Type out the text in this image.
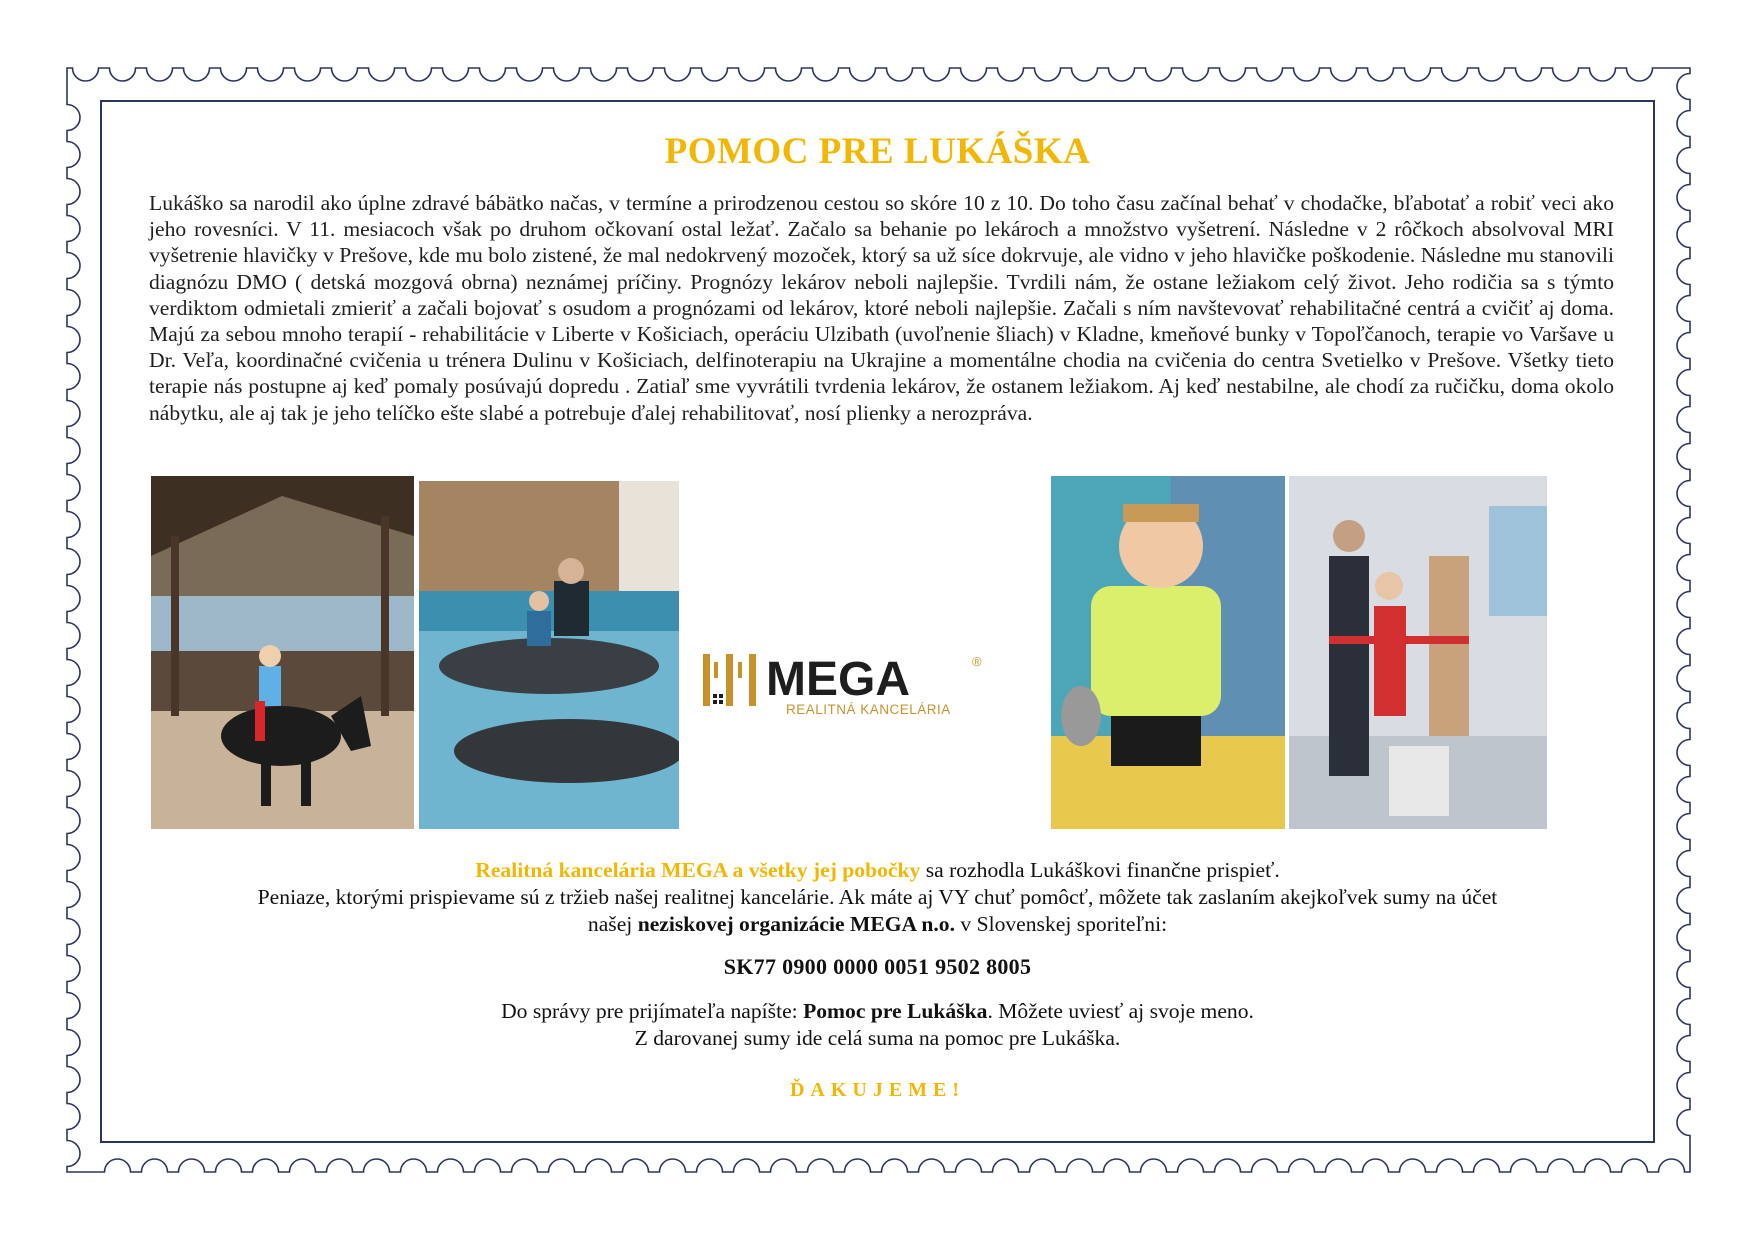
POMOC PRE LUKÁŠKA
Lukáško sa narodil ako úplne zdravé bábätko načas, v termíne a prirodzenou cestou so skóre 10 z 10. Do toho času začínal behať v chodačke, bľabotať a robiť veci ako jeho rovesníci. V 11. mesiacoch však po druhom očkovaní ostal ležať. Začalo sa behanie po lekároch a množstvo vyšetrení. Následne v 2 rôčkoch absolvoval MRI vyšetrenie hlavičky v Prešove, kde mu bolo zistené, že mal nedokrvený mozoček, ktorý sa už síce dokrvuje, ale vidno v jeho hlavičke poškodenie. Následne mu stanovili diagnózu DMO ( detská mozgová obrna) neznámej príčiny. Prognózy lekárov neboli najlepšie. Tvrdili nám, že ostane ležiakom celý život. Jeho rodičia sa s týmto verdiktom odmietali zmieriť a začali bojovať s osudom a prognózami od lekárov, ktoré neboli najlepšie. Začali s ním navštevovať rehabilitačné centrá a cvičiť aj doma. Majú za sebou mnoho terapií - rehabilitácie v Liberte v Košiciach, operáciu Ulzibath (uvoľnenie šliach) v Kladne, kmeňové bunky v Topoľčanoch, terapie vo Varšave u Dr. Veľa, koordinačné cvičenia u trénera Dulinu v Košiciach, delfinoterapiu na Ukrajine a momentálne chodia na cvičenia do centra Svetielko v Prešove. Všetky tieto terapie nás postupne aj keď pomaly posúvajú dopredu . Zatiaľ sme vyvrátili tvrdenia lekárov, že ostanem ležiakom. Aj keď nestabilne, ale chodí za ručičku, doma okolo nábytku, ale aj tak je jeho telíčko ešte slabé a potrebuje ďalej rehabilitovať, nosí plienky a nerozpráva.
MEGA	®
REALITNÁ KANCELÁRIA
Realitná kancelária MEGA a všetky jej pobočky sa rozhodla Lukáškovi finančne prispieť.
Peniaze, ktorými prispievame sú z tržieb našej realitnej kancelárie. Ak máte aj VY chuť pomôcť, môžete tak zaslaním akejkoľvek sumy na účet
našej neziskovej organizácie MEGA n.o. v Slovenskej sporiteľni:
SK77 0900 0000 0051 9502 8005
Do správy pre prijímateľa napíšte: Pomoc pre Lukáška. Môžete uviesť aj svoje meno.
Z darovanej sumy ide celá suma na pomoc pre Lukáška.
ĎAKUJEME!
